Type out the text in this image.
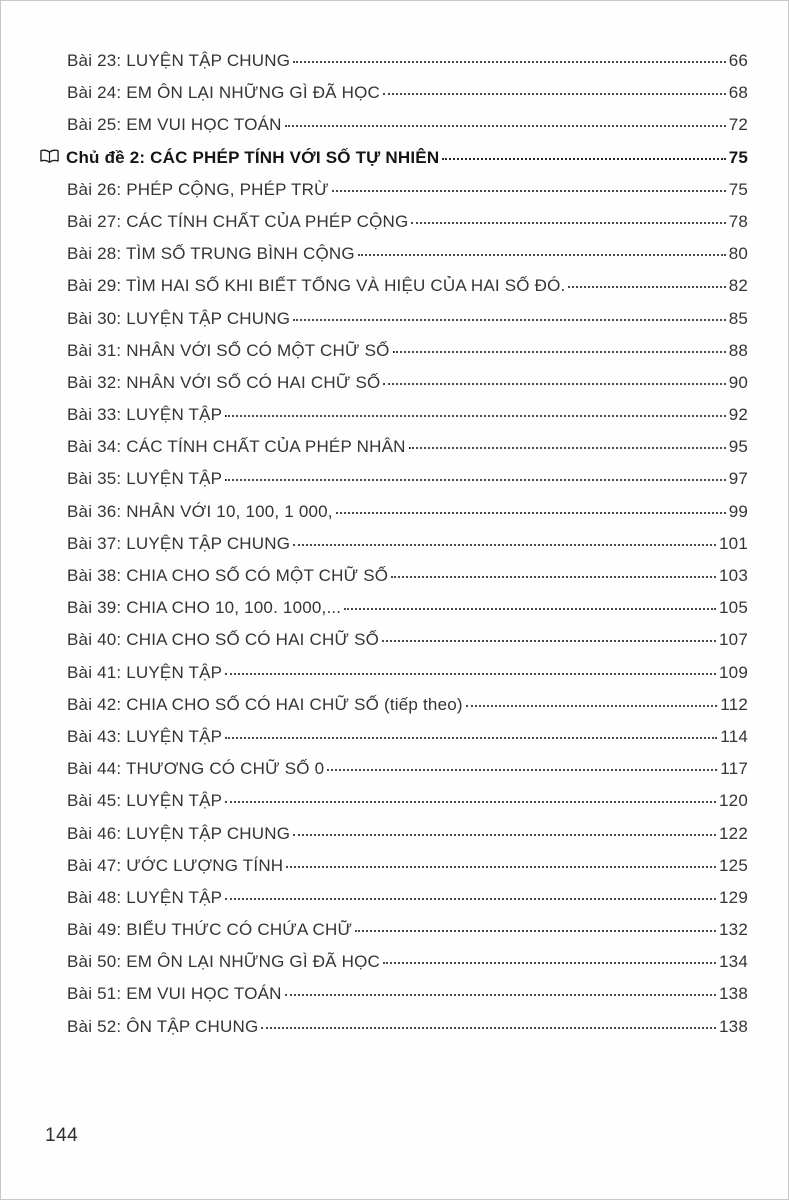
Bài 23: LUYỆN TẬP CHUNG	66
Bài 24: EM ÔN LẠI NHỮNG GÌ ĐÃ HỌC	68
Bài 25: EM VUI HỌC TOÁN	72
Chủ đề 2: CÁC PHÉP TÍNH VỚI SỐ TỰ NHIÊN	75
Bài 26: PHÉP CỘNG, PHÉP TRỪ	75
Bài 27: CÁC TÍNH CHẤT CỦA PHÉP CỘNG	78
Bài 28: TÌM SỐ TRUNG BÌNH CỘNG	80
Bài 29: TÌM HAI SỐ KHI BIẾT TỔNG VÀ HIỆU CỦA HAI SỐ ĐÓ.	82
Bài 30: LUYỆN TẬP CHUNG	85
Bài 31: NHÂN VỚI SỐ CÓ MỘT CHỮ SỐ	88
Bài 32: NHÂN VỚI SỐ CÓ HAI CHỮ SỐ	90
Bài 33: LUYỆN TẬP	92
Bài 34: CÁC TÍNH CHẤT CỦA PHÉP NHÂN	95
Bài 35: LUYỆN TẬP	97
Bài 36: NHÂN VỚI 10, 100, 1 000,	99
Bài 37: LUYỆN TẬP CHUNG	101
Bài 38: CHIA CHO SỐ CÓ MỘT CHỮ SỐ	103
Bài 39: CHIA CHO 10, 100. 1000,...	105
Bài 40: CHIA CHO SỐ CÓ HAI CHỮ SỐ	107
Bài 41: LUYỆN TẬP	109
Bài 42: CHIA CHO SỐ CÓ HAI CHỮ SỐ (tiếp theo)	112
Bài 43: LUYỆN TẬP	114
Bài 44: THƯƠNG CÓ CHỮ SỐ 0	117
Bài 45: LUYỆN TẬP	120
Bài 46: LUYỆN TẬP CHUNG	122
Bài 47: ƯỚC LƯỢNG TÍNH	125
Bài 48: LUYỆN TẬP	129
Bài 49: BIỂU THỨC CÓ CHỨA CHỮ	132
Bài 50: EM ÔN LẠI NHỮNG GÌ ĐÃ HỌC	134
Bài 51: EM VUI HỌC TOÁN	138
Bài 52: ÔN TẬP CHUNG	138
144
